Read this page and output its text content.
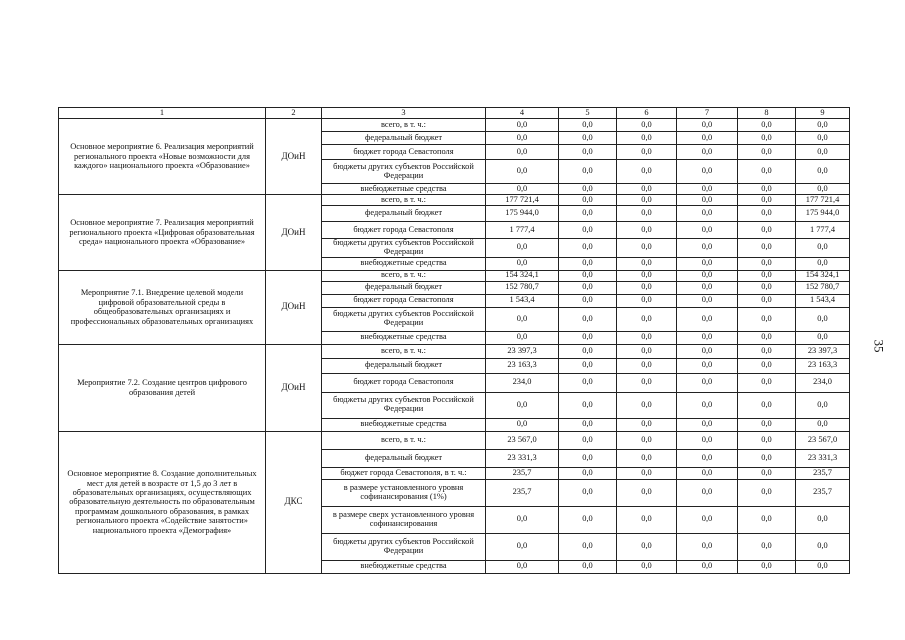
1	2	3	4	5	6	7	8	9
Основное мероприятие 6. Реализация мероприятий регионального проекта «Новые возможности для каждого» национального проекта «Образование»	ДОиН	всего, в т. ч.:	0,0	0,0	0,0	0,0	0,0	0,0
		федеральный бюджет	0,0	0,0	0,0	0,0	0,0	0,0
		бюджет города Севастополя	0,0	0,0	0,0	0,0	0,0	0,0
		бюджеты других субъектов Российской Федерации	0,0	0,0	0,0	0,0	0,0	0,0
		внебюджетные средства	0,0	0,0	0,0	0,0	0,0	0,0
Основное мероприятие 7. Реализация мероприятий регионального проекта «Цифровая образовательная среда» национального проекта «Образование»	ДОиН	всего, в т. ч.:	177 721,4	0,0	0,0	0,0	0,0	177 721,4
		федеральный бюджет	175 944,0	0,0	0,0	0,0	0,0	175 944,0
		бюджет города Севастополя	1 777,4	0,0	0,0	0,0	0,0	1 777,4
		бюджеты других субъектов Российской Федерации	0,0	0,0	0,0	0,0	0,0	0,0
		внебюджетные средства	0,0	0,0	0,0	0,0	0,0	0,0
Мероприятие 7.1. Внедрение целевой модели цифровой образовательной среды в общеобразовательных организациях и профессиональных образовательных организациях	ДОиН	всего, в т. ч.:	154 324,1	0,0	0,0	0,0	0,0	154 324,1
		федеральный бюджет	152 780,7	0,0	0,0	0,0	0,0	152 780,7
		бюджет города Севастополя	1 543,4	0,0	0,0	0,0	0,0	1 543,4
		бюджеты других субъектов Российской Федерации	0,0	0,0	0,0	0,0	0,0	0,0
		внебюджетные средства	0,0	0,0	0,0	0,0	0,0	0,0
Мероприятие 7.2. Создание центров цифрового образования детей	ДОиН	всего, в т. ч.:	23 397,3	0,0	0,0	0,0	0,0	23 397,3
		федеральный бюджет	23 163,3	0,0	0,0	0,0	0,0	23 163,3
		бюджет города Севастополя	234,0	0,0	0,0	0,0	0,0	234,0
		бюджеты других субъектов Российской Федерации	0,0	0,0	0,0	0,0	0,0	0,0
		внебюджетные средства	0,0	0,0	0,0	0,0	0,0	0,0
Основное мероприятие 8. Создание дополнительных мест для детей в возрасте от 1,5 до 3 лет в образовательных организациях, осуществляющих образовательную деятельность по образовательным программам дошкольного образования, в рамках регионального проекта «Содействие занятости» национального проекта «Демография»	ДКС	всего, в т. ч.:	23 567,0	0,0	0,0	0,0	0,0	23 567,0
		федеральный бюджет	23 331,3	0,0	0,0	0,0	0,0	23 331,3
		бюджет города Севастополя, в т. ч.:	235,7	0,0	0,0	0,0	0,0	235,7
		в размере установленного уровня софинансирования (1%)	235,7	0,0	0,0	0,0	0,0	235,7
		в размере сверх установленного уровня софинансирования	0,0	0,0	0,0	0,0	0,0	0,0
		бюджеты других субъектов Российской Федерации	0,0	0,0	0,0	0,0	0,0	0,0
		внебюджетные средства	0,0	0,0	0,0	0,0	0,0	0,0
35
